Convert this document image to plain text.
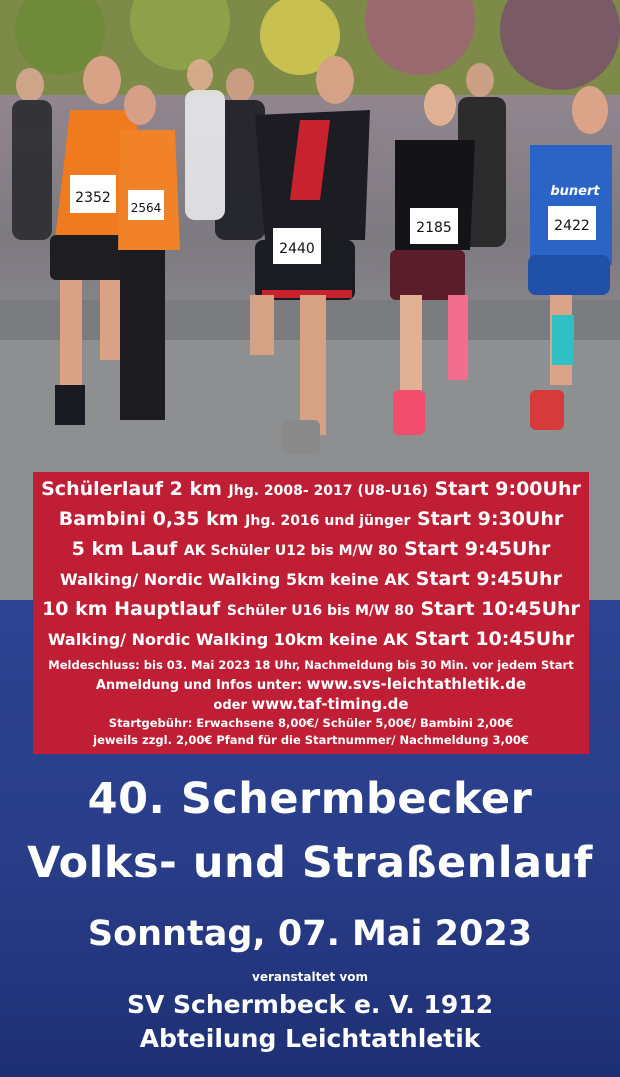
2352
2564
2440
2185
bunert
2422
Schülerlauf 2 km Jhg. 2008- 2017 (U8-U16) Start 9:00Uhr
Bambini 0,35 km Jhg. 2016 und jünger Start 9:30Uhr
5 km Lauf AK Schüler U12 bis M/W 80 Start 9:45Uhr
Walking/ Nordic Walking 5km keine AK Start 9:45Uhr
10 km Hauptlauf Schüler U16 bis M/W 80 Start 10:45Uhr
Walking/ Nordic Walking 10km keine AK Start 10:45Uhr
Meldeschluss: bis 03. Mai 2023 18 Uhr, Nachmeldung bis 30 Min. vor jedem Start
Anmeldung und Infos unter: www.svs-leichtathletik.de
oder www.taf-timing.de
Startgebühr: Erwachsene 8,00€/ Schüler 5,00€/ Bambini 2,00€
jeweils zzgl. 2,00€ Pfand für die Startnummer/ Nachmeldung 3,00€
40. Schermbecker
Volks- und Straßenlauf
Sonntag, 07. Mai 2023
veranstaltet vom
SV Schermbeck e. V. 1912
Abteilung Leichtathletik
